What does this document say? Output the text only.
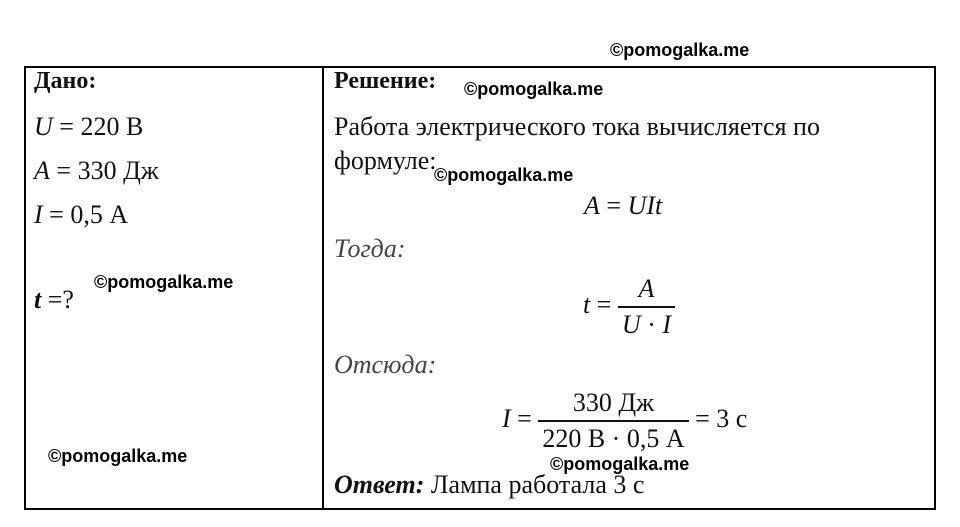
©pomogalka.me
©pomogalka.me
©pomogalka.me
©pomogalka.me
©pomogalka.me	©pomogalka.me
Дано:
U = 220 В
A = 330 Дж
I = 0,5 А
t =?
Решение:
Работа электрического тока вычисляется по
формуле:
A = UIt
Тогда:
$t = \frac{A}{U \cdot I}$
Отсюда:
$I = \frac{330 Дж}{220 В \cdot 0,5 А} = 3$ с
Ответ: Лампа работала 3 с
